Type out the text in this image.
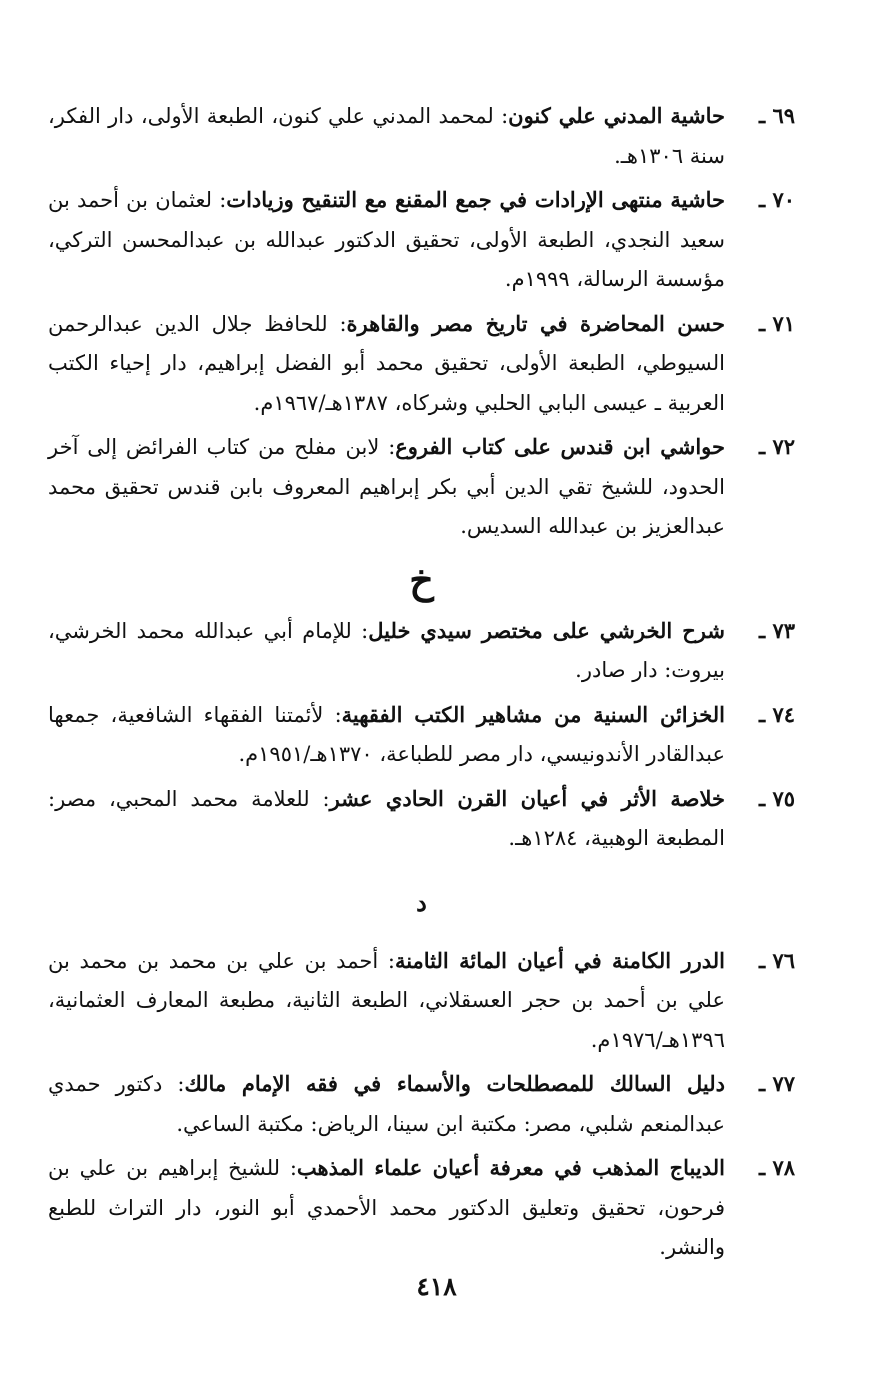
٦٩ ـ
حاشية المدني علي كنون: لمحمد المدني علي كنون، الطبعة الأولى، دار الفكر، سنة ١٣٠٦هـ.
٧٠ ـ
حاشية منتهى الإرادات في جمع المقنع مع التنقيح وزيادات: لعثمان بن أحمد بن سعيد النجدي، الطبعة الأولى، تحقيق الدكتور عبدالله بن عبدالمحسن التركي، مؤسسة الرسالة، ١٩٩٩م.
٧١ ـ
حسن المحاضرة في تاريخ مصر والقاهرة: للحافظ جلال الدين عبدالرحمن السيوطي، الطبعة الأولى، تحقيق محمد أبو الفضل إبراهيم، دار إحياء الكتب العربية ـ عيسى البابي الحلبي وشركاه، ١٣٨٧هـ/١٩٦٧م.
٧٢ ـ
حواشي ابن قندس على كتاب الفروع: لابن مفلح من كتاب الفرائض إلى آخر الحدود، للشيخ تقي الدين أبي بكر إبراهيم المعروف بابن قندس تحقيق محمد عبدالعزيز بن عبدالله السديس.
خ
٧٣ ـ
شرح الخرشي على مختصر سيدي خليل: للإمام أبي عبدالله محمد الخرشي، بيروت: دار صادر.
٧٤ ـ
الخزائن السنية من مشاهير الكتب الفقهية: لأئمتنا الفقهاء الشافعية، جمعها عبدالقادر الأندونيسي، دار مصر للطباعة، ١٣٧٠هـ/١٩٥١م.
٧٥ ـ
خلاصة الأثر في أعيان القرن الحادي عشر: للعلامة محمد المحبي، مصر: المطبعة الوهبية، ١٢٨٤هـ.
د
٧٦ ـ
الدرر الكامنة في أعيان المائة الثامنة: أحمد بن علي بن محمد بن محمد بن علي بن أحمد بن حجر العسقلاني، الطبعة الثانية، مطبعة المعارف العثمانية، ١٣٩٦هـ/١٩٧٦م.
٧٧ ـ
دليل السالك للمصطلحات والأسماء في فقه الإمام مالك: دكتور حمدي عبدالمنعم شلبي، مصر: مكتبة ابن سينا، الرياض: مكتبة الساعي.
٧٨ ـ
الديباج المذهب في معرفة أعيان علماء المذهب: للشيخ إبراهيم بن علي بن فرحون، تحقيق وتعليق الدكتور محمد الأحمدي أبو النور، دار التراث للطبع والنشر.
٤١٨
